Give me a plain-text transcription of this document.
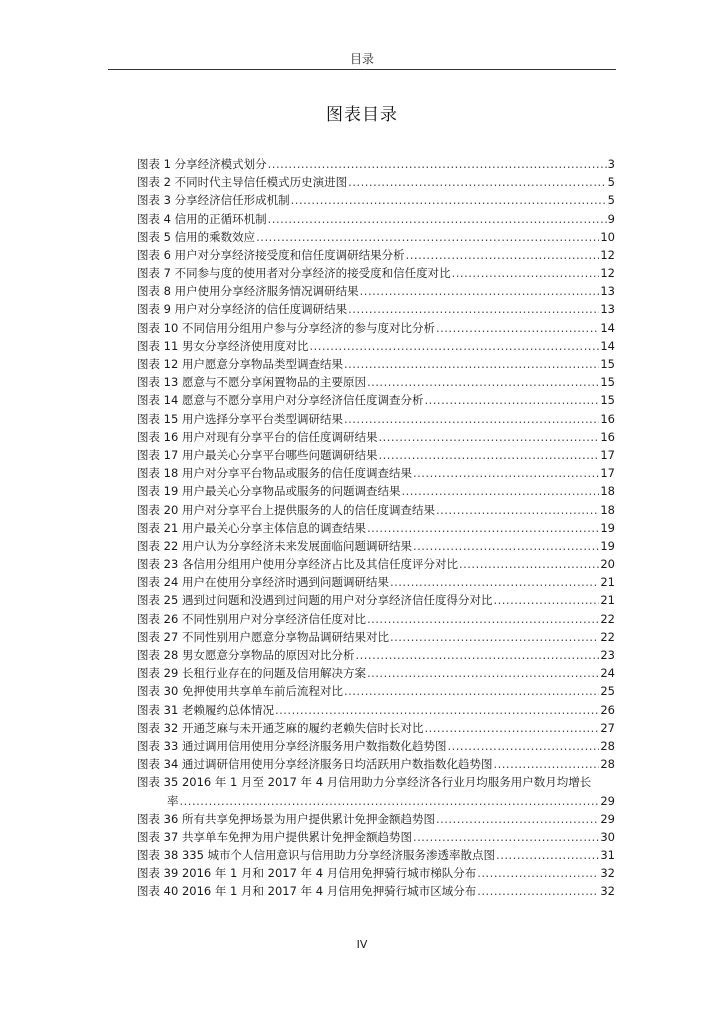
目录
图表目录
图表 1 分享经济模式划分 .....	3
图表 2 不同时代主导信任模式历史演进图 .....	5
图表 3 分享经济信任形成机制 .....	5
图表 4 信用的正循环机制 .....	9
图表 5 信用的乘数效应 .....	10
图表 6 用户对分享经济接受度和信任度调研结果分析 .....	12
图表 7 不同参与度的使用者对分享经济的接受度和信任度对比 .....	12
图表 8 用户使用分享经济服务情况调研结果 .....	13
图表 9 用户对分享经济的信任度调研结果 .....	13
图表 10 不同信用分组用户参与分享经济的参与度对比分析 .....	14
图表 11 男女分享经济使用度对比 .....	14
图表 12 用户愿意分享物品类型调查结果 .....	15
图表 13 愿意与不愿分享闲置物品的主要原因 .....	15
图表 14 愿意与不愿分享用户对分享经济信任度调查分析 .....	15
图表 15 用户选择分享平台类型调研结果 .....	16
图表 16 用户对现有分享平台的信任度调研结果 .....	16
图表 17 用户最关心分享平台哪些问题调研结果 .....	17
图表 18 用户对分享平台物品或服务的信任度调查结果 .....	17
图表 19 用户最关心分享物品或服务的问题调查结果 .....	18
图表 20 用户对分享平台上提供服务的人的信任度调查结果 .....	18
图表 21 用户最关心分享主体信息的调查结果 .....	19
图表 22 用户认为分享经济未来发展面临问题调研结果 .....	19
图表 23 各信用分组用户使用分享经济占比及其信任度评分对比 .....	20
图表 24 用户在使用分享经济时遇到问题调研结果 .....	21
图表 25 遇到过问题和没遇到过问题的用户对分享经济信任度得分对比 .....	21
图表 26 不同性别用户对分享经济信任度对比 .....	22
图表 27 不同性别用户愿意分享物品调研结果对比 .....	22
图表 28 男女愿意分享物品的原因对比分析 .....	23
图表 29 长租行业存在的问题及信用解决方案 .....	24
图表 30 免押使用共享单车前后流程对比 .....	25
图表 31 老赖履约总体情况 .....	26
图表 32 开通芝麻与未开通芝麻的履约老赖失信时长对比 .....	27
图表 33 通过调用信用使用分享经济服务用户数指数化趋势图 .....	28
图表 34 通过调研信用使用分享经济服务日均活跃用户数指数化趋势图 .....	28
图表 35 2016 年 1 月至 2017 年 4 月信用助力分享经济各行业月均服务用户数月均增长
率 .....	29
图表 36 所有共享免押场景为用户提供累计免押金额趋势图 .....	29
图表 37 共享单车免押为用户提供累计免押金额趋势图 .....	30
图表 38 335 城市个人信用意识与信用助力分享经济服务渗透率散点图 .....	31
图表 39 2016 年 1 月和 2017 年 4 月信用免押骑行城市梯队分布 .....	32
图表 40 2016 年 1 月和 2017 年 4 月信用免押骑行城市区域分布 .....	32
IV
